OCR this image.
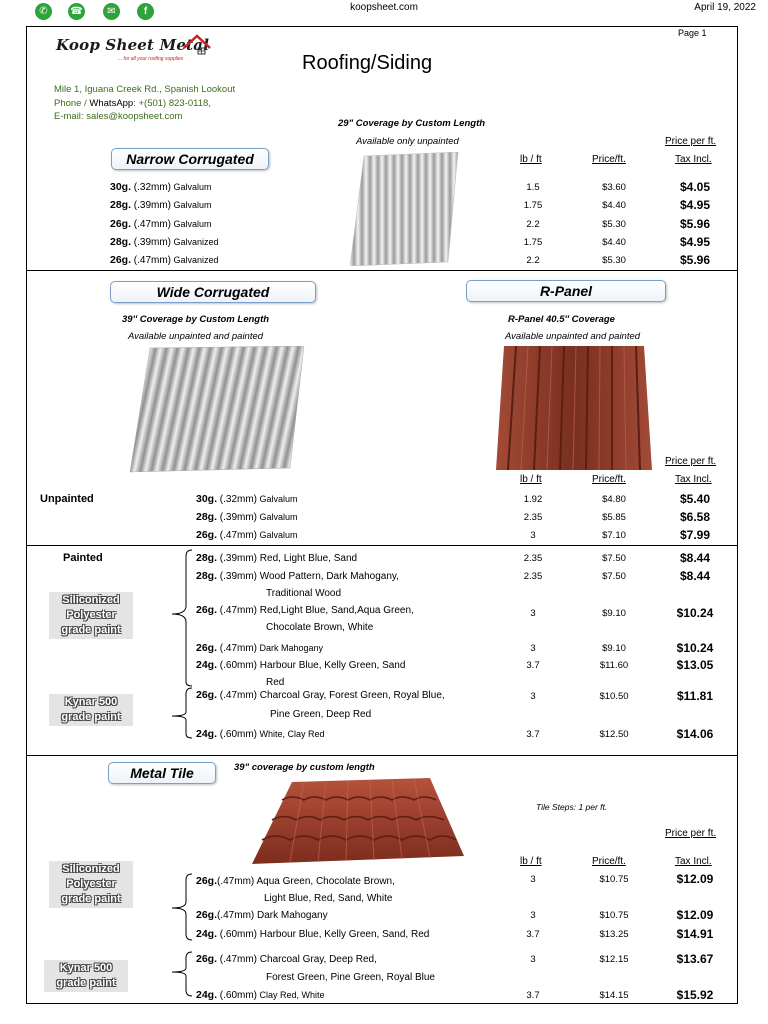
✆	☎	✉	f	koopsheet.com	April 19, 2022
Page 1
Koop Sheet Metal
... for all your roofing supplies
Mile 1, Iguana Creek Rd., Spanish Lookout
Phone / WhatsApp: +(501) 823-0118,
E-mail: sales@koopsheet.com
Roofing/Siding
Narrow Corrugated
29" Coverage by Custom Length
Available only unpainted	Price per ft.
lb / ft	Price/ft.	Tax Incl.
30g. (.32mm) Galvalum	1.5	$3.60	$4.05
28g. (.39mm) Galvalum	1.75	$4.40	$4.95
26g. (.47mm) Galvalum	2.2	$5.30	$5.96
28g. (.39mm) Galvanized	1.75	$4.40	$4.95
26g. (.47mm) Galvanized	2.2	$5.30	$5.96
Wide Corrugated
39'' Coverage by Custom Length
Available unpainted and painted
R-Panel
R-Panel 40.5'' Coverage
Available unpainted and painted
Price per ft.
lb / ft	Price/ft.	Tax Incl.
Unpainted	30g. (.32mm) Galvalum	1.92	$4.80	$5.40
28g. (.39mm) Galvalum	2.35	$5.85	$6.58
26g. (.47mm) Galvalum	3	$7.10	$7.99
Painted
Siliconized
Polyester
grade paint
Kynar 500
grade paint
28g. (.39mm) Red, Light Blue, Sand	2.35	$7.50	$8.44
28g. (.39mm) Wood Pattern, Dark Mahogany,
Traditional Wood
2.35	$7.50	$8.44
26g. (.47mm) Red,Light Blue, Sand,Aqua Green,
Chocolate Brown, White
3	$9.10	$10.24
26g. (.47mm) Dark Mahogany	3	$9.10	$10.24
24g. (.60mm) Harbour Blue, Kelly Green, Sand
Red
3.7	$11.60	$13.05
26g. (.47mm) Charcoal Gray, Forest Green, Royal Blue,
Pine Green, Deep Red
3	$10.50	$11.81
24g. (.60mm) White, Clay Red	3.7	$12.50	$14.06
Metal Tile	39" coverage by custom length
Tile Steps: 1 per ft.
Price per ft.
lb / ft	Price/ft.	Tax Incl.
Siliconized
Polyester
grade paint
Kynar 500
grade paint
26g.(.47mm) Aqua Green, Chocolate Brown,
Light Blue, Red, Sand, White
3	$10.75	$12.09
26g.(.47mm) Dark Mahogany	3	$10.75	$12.09
24g. (.60mm) Harbour Blue, Kelly Green, Sand, Red	3.7	$13.25	$14.91
26g. (.47mm) Charcoal Gray, Deep Red,
Forest Green, Pine Green, Royal Blue
3	$12.15	$13.67
24g. (.60mm) Clay Red, White	3.7	$14.15	$15.92
